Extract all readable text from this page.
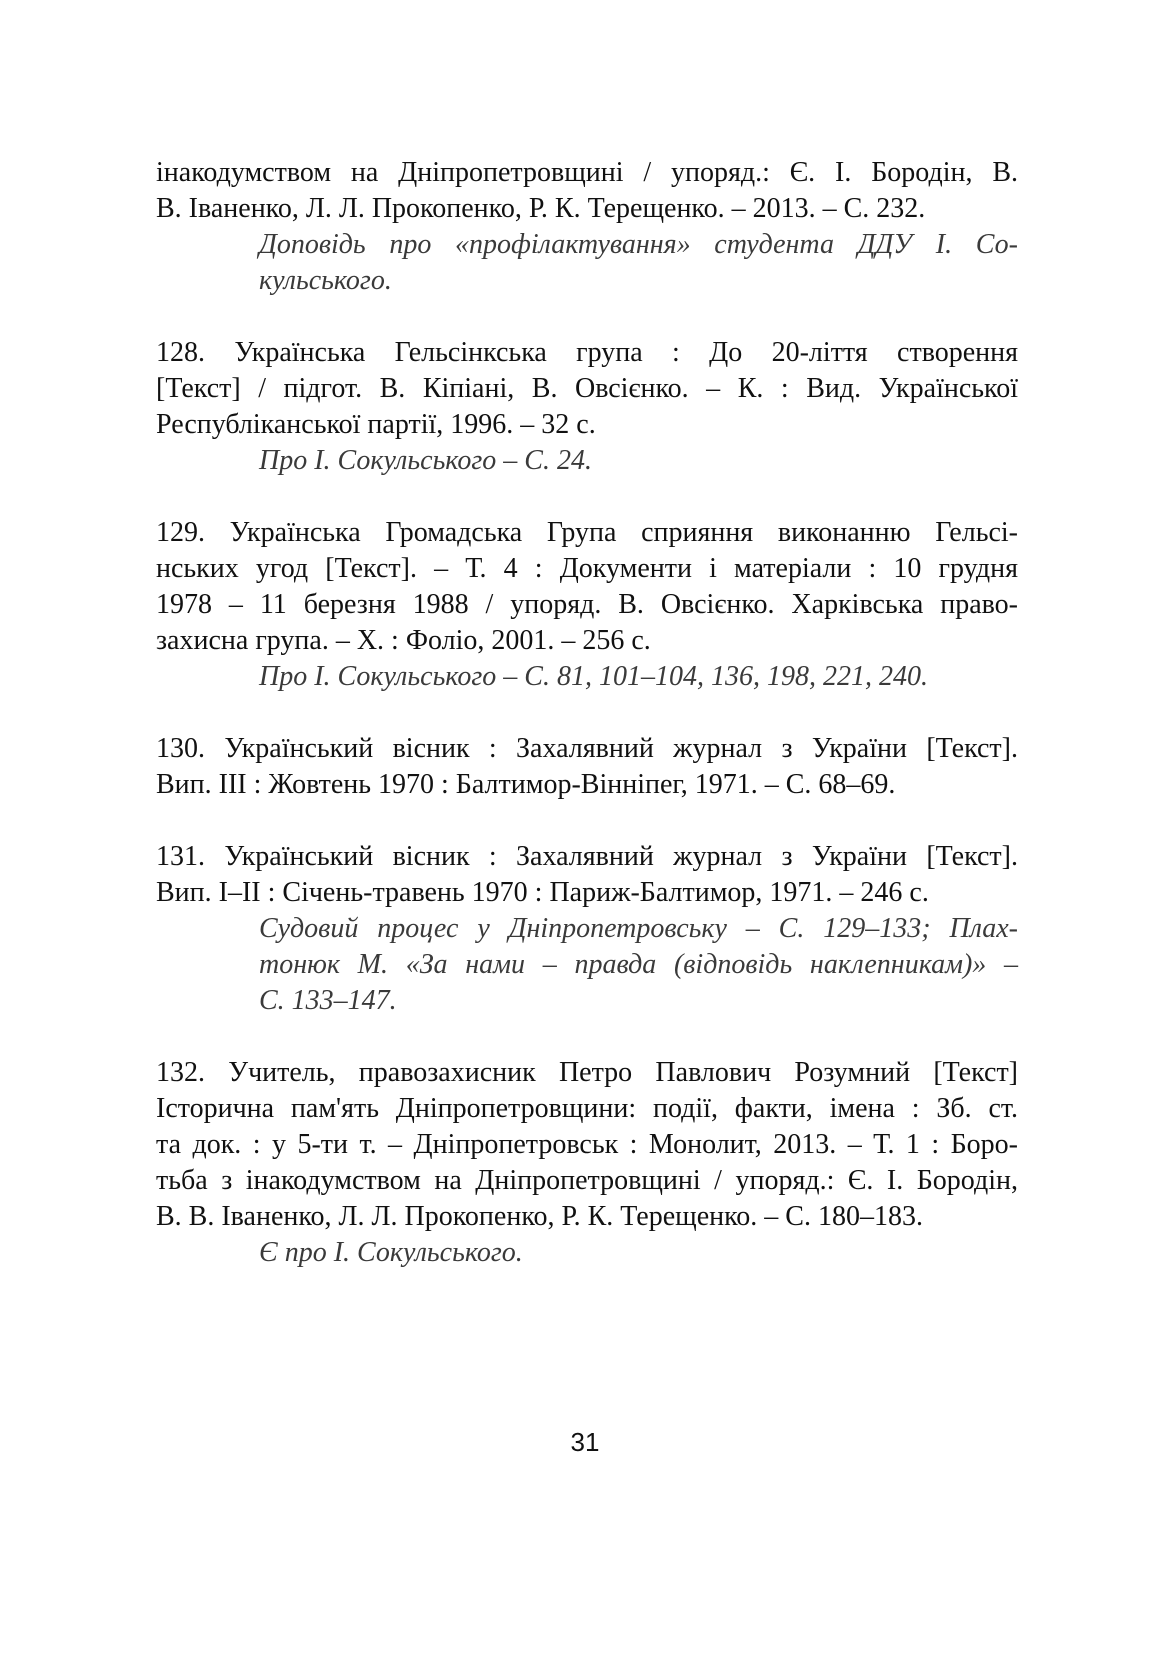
інакодумством на Дніпропетровщині / упоряд.: Є. І. Бородін, В.
В. Іваненко, Л. Л. Прокопенко, Р. К. Терещенко. – 2013. – С. 232.
Доповідь про «профілактування» студента ДДУ І. Со-
кульського.
128. Українська Гельсінкська група : До 20-ліття створення
[Текст] / підгот. В. Кіпіані, В. Овсієнко. – К. : Вид. Української
Республіканської партії, 1996. – 32 с.
Про І. Сокульського – С. 24.
129. Українська Громадська Група сприяння виконанню Гельсі-
нських угод [Текст]. – Т. 4 : Документи і матеріали : 10 грудня
1978 – 11 березня 1988 / упоряд. В. Овсієнко. Харківська право-
захисна група. – Х. : Фоліо, 2001. – 256 с.
Про І. Сокульського – С. 81, 101–104, 136, 198, 221, 240.
130. Український вісник : Захалявний журнал з України [Текст].
Вип. ІІІ : Жовтень 1970 : Балтимор-Вінніпег, 1971. – С. 68–69.
131. Український вісник : Захалявний журнал з України [Текст].
Вип. І–ІІ : Січень-травень 1970 : Париж-Балтимор, 1971. – 246 с.
Судовий процес у Дніпропетровську – С. 129–133; Плах-
тонюк М. «За нами – правда (відповідь наклепникам)» –
С. 133–147.
132. Учитель, правозахисник Петро Павлович Розумний [Текст]
Історична пам'ять Дніпропетровщини: події, факти, імена : Зб. ст.
та док. : у 5-ти т. – Дніпропетровськ : Монолит, 2013. – Т. 1 : Боро-
тьба з інакодумством на Дніпропетровщині / упоряд.: Є. І. Бородін,
В. В. Іваненко, Л. Л. Прокопенко, Р. К. Терещенко. – С. 180–183.
Є про І. Сокульського.
31
